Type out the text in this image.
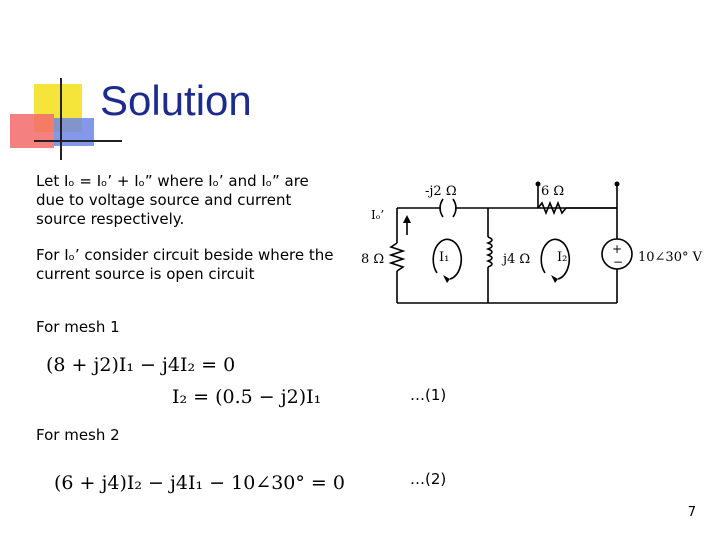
Solution
Let Iₒ = Iₒ’ + Iₒ” where Iₒ’ and Iₒ” are due to voltage source and current source respectively.
For Iₒ’ consider circuit beside where the current source is open circuit
-j2 Ω	6 Ω
Iₒ’
8 Ω	I₁	j4 Ω I₂
+
− 10∠30° V
For mesh 1
(8 + j2)I₁ − j4I₂ = 0
I₂ = (0.5 − j2)I₁	…(1)
For mesh 2
(6 + j4)I₂ − j4I₁ − 10∠30° = 0	…(2)
7
